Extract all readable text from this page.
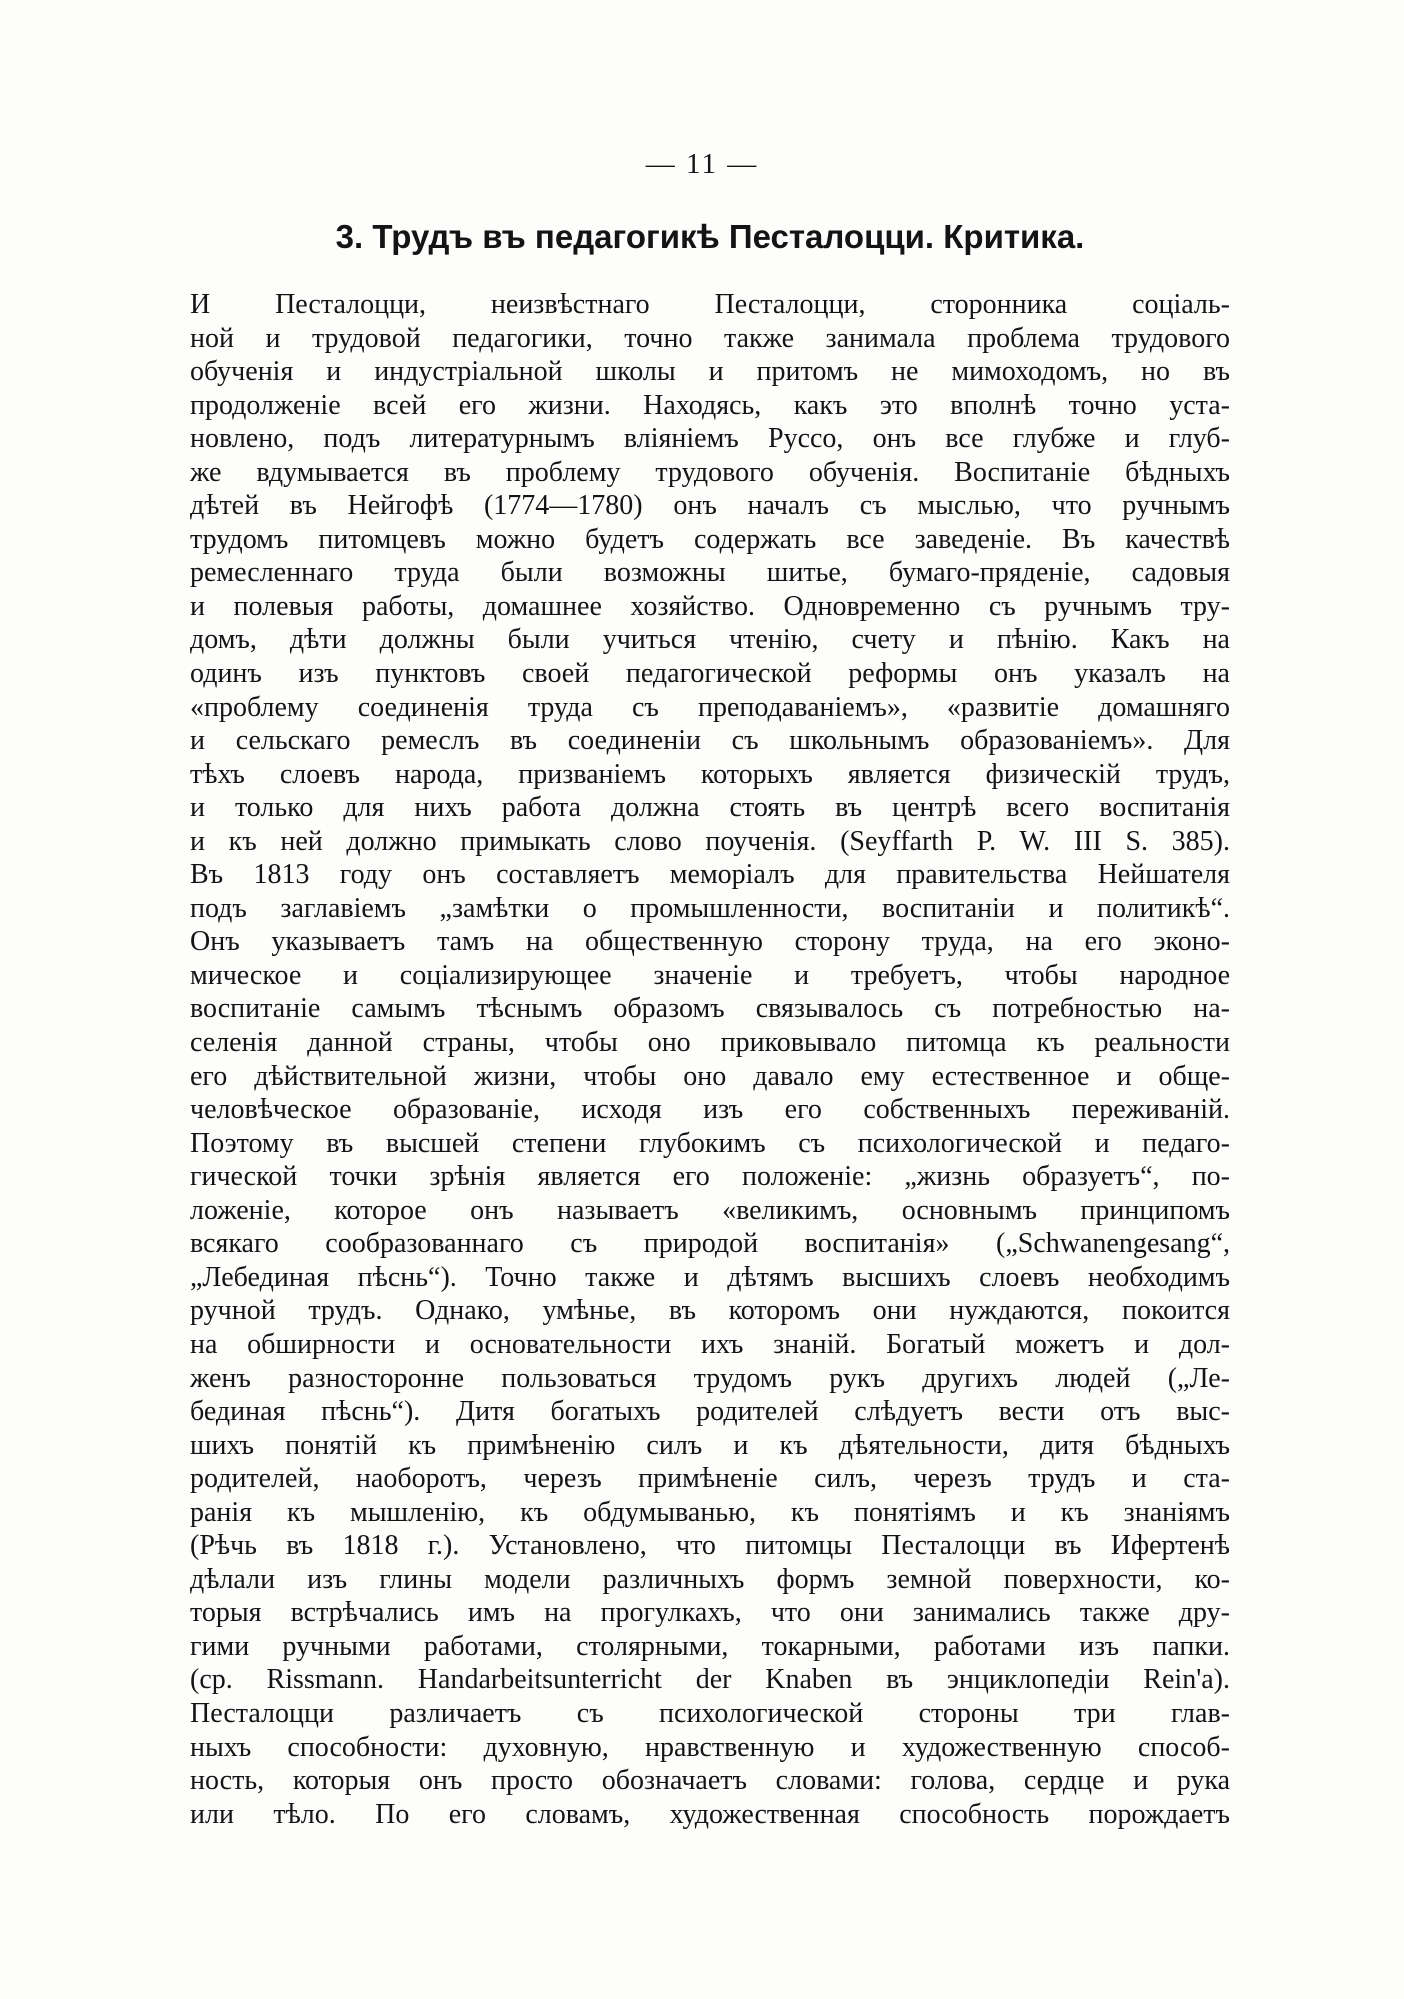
— 11 —
3. Трудъ въ педагогикѣ Песталоцци. Критика.
И Песталоцци, неизвѣстнаго Песталоцци, сторонника соціаль-
ной и трудовой педагогики, точно также занимала проблема трудового
обученія и индустріальной школы и притомъ не мимоходомъ, но въ
продолженіе всей его жизни. Находясь, какъ это вполнѣ точно уста-
новлено, подъ литературнымъ вліяніемъ Руссо, онъ все глубже и глуб-
же вдумывается въ проблему трудового обученія. Воспитаніе бѣдныхъ
дѣтей въ Нейгофѣ (1774—1780) онъ началъ съ мыслью, что ручнымъ
трудомъ питомцевъ можно будетъ содержать все заведеніе. Въ качествѣ
ремесленнаго труда были возможны шитье, бумаго-пряденіе, садовыя
и полевыя работы, домашнее хозяйство. Одновременно съ ручнымъ тру-
домъ, дѣти должны были учиться чтенію, счету и пѣнію. Какъ на
одинъ изъ пунктовъ своей педагогической реформы онъ указалъ на
«проблему соединенія труда съ преподаваніемъ», «развитіе домашняго
и сельскаго ремеслъ въ соединеніи съ школьнымъ образованіемъ». Для
тѣхъ слоевъ народа, призваніемъ которыхъ является физическій трудъ,
и только для нихъ работа должна стоять въ центрѣ всего воспитанія
и къ ней должно примыкать слово поученія. (Seyffarth P. W. III S. 385).
Въ 1813 году онъ составляетъ меморіалъ для правительства Нейшателя
подъ заглавіемъ „замѣтки о промышленности, воспитаніи и политикѣ“.
Онъ указываетъ тамъ на общественную сторону труда, на его эконо-
мическое и соціализирующее значеніе и требуетъ, чтобы народное
воспитаніе самымъ тѣснымъ образомъ связывалось съ потребностью на-
селенія данной страны, чтобы оно приковывало питомца къ реальности
его дѣйствительной жизни, чтобы оно давало ему естественное и обще-
человѣческое образованіе, исходя изъ его собственныхъ переживаній.
Поэтому въ высшей степени глубокимъ съ психологической и педаго-
гической точки зрѣнія является его положеніе: „жизнь образуетъ“, по-
ложеніе, которое онъ называетъ «великимъ, основнымъ принципомъ
всякаго сообразованнаго съ природой воспитанія» („Schwanengesang“,
„Лебединая пѣснь“). Точно также и дѣтямъ высшихъ слоевъ необходимъ
ручной трудъ. Однако, умѣнье, въ которомъ они нуждаются, покоится
на обширности и основательности ихъ знаній. Богатый можетъ и дол-
женъ разносторонне пользоваться трудомъ рукъ другихъ людей („Ле-
бединая пѣснь“). Дитя богатыхъ родителей слѣдуетъ вести отъ выс-
шихъ понятій къ примѣненію силъ и къ дѣятельности, дитя бѣдныхъ
родителей, наоборотъ, черезъ примѣненіе силъ, черезъ трудъ и ста-
ранія къ мышленію, къ обдумыванью, къ понятіямъ и къ знаніямъ
(Рѣчь въ 1818 г.). Установлено, что питомцы Песталоцци въ Ифертенѣ
дѣлали изъ глины модели различныхъ формъ земной поверхности, ко-
торыя встрѣчались имъ на прогулкахъ, что они занимались также дру-
гими ручными работами, столярными, токарными, работами изъ папки.
(ср. Rissmann. Handarbeitsunterricht der Knaben въ энциклопедіи Rein'a).
Песталоцци различаетъ съ психологической стороны три глав-
ныхъ способности: духовную, нравственную и художественную способ-
ность, которыя онъ просто обозначаетъ словами: голова, сердце и рука
или тѣло. По его словамъ, художественная способность порождаетъ
